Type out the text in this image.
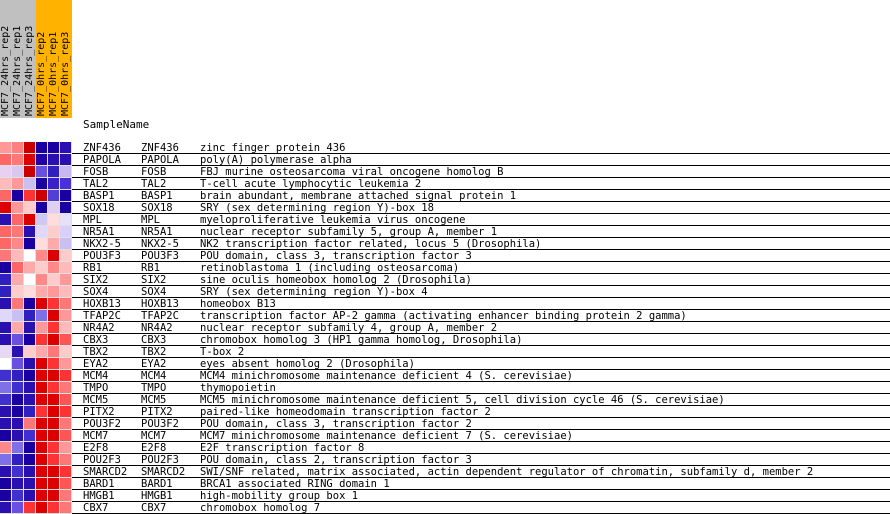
MCF7_24hrs_rep2 MCF7_24hrs_rep1 MCF7_24hrs_rep3 MCF7_0hrs_rep2 MCF7_0hrs_rep1 MCF7_0hrs_rep3
SampleName
ZNF436 ZNF436 zinc finger protein 436
PAPOLA PAPOLA poly(A) polymerase alpha
FOSB	FOSB	FBJ murine osteosarcoma viral oncogene homolog B
TAL2	TAL2	T-cell acute lymphocytic leukemia 2
BASP1	BASP1	brain abundant, membrane attached signal protein 1
SOX18	SOX18	SRY (sex determining region Y)-box 18
MPL	MPL	myeloproliferative leukemia virus oncogene
NR5A1	NR5A1	nuclear receptor subfamily 5, group A, member 1
NKX2-5 NKX2-5 NK2 transcription factor related, locus 5 (Drosophila)
POU3F3 POU3F3 POU domain, class 3, transcription factor 3
RB1	RB1	retinoblastoma 1 (including osteosarcoma)
SIX2	SIX2	sine oculis homeobox homolog 2 (Drosophila)
SOX4	SOX4	SRY (sex determining region Y)-box 4
HOXB13 HOXB13 homeobox B13
TFAP2C TFAP2C transcription factor AP-2 gamma (activating enhancer binding protein 2 gamma)
NR4A2	NR4A2	nuclear receptor subfamily 4, group A, member 2
CBX3	CBX3	chromobox homolog 3 (HP1 gamma homolog, Drosophila)
TBX2	TBX2	T-box 2
EYA2	EYA2	eyes absent homolog 2 (Drosophila)
MCM4	MCM4	MCM4 minichromosome maintenance deficient 4 (S. cerevisiae)
TMPO	TMPO	thymopoietin
MCM5	MCM5	MCM5 minichromosome maintenance deficient 5, cell division cycle 46 (S. cerevisiae)
PITX2	PITX2	paired-like homeodomain transcription factor 2
POU3F2 POU3F2 POU domain, class 3, transcription factor 2
MCM7	MCM7	MCM7 minichromosome maintenance deficient 7 (S. cerevisiae)
E2F8	E2F8	E2F transcription factor 8
POU2F3 POU2F3 POU domain, class 2, transcription factor 3
SMARCD2 SMARCD2 SWI/SNF related, matrix associated, actin dependent regulator of chromatin, subfamily d, member 2
BARD1	BARD1	BRCA1 associated RING domain 1
HMGB1	HMGB1	high-mobility group box 1
CBX7	CBX7	chromobox homolog 7
